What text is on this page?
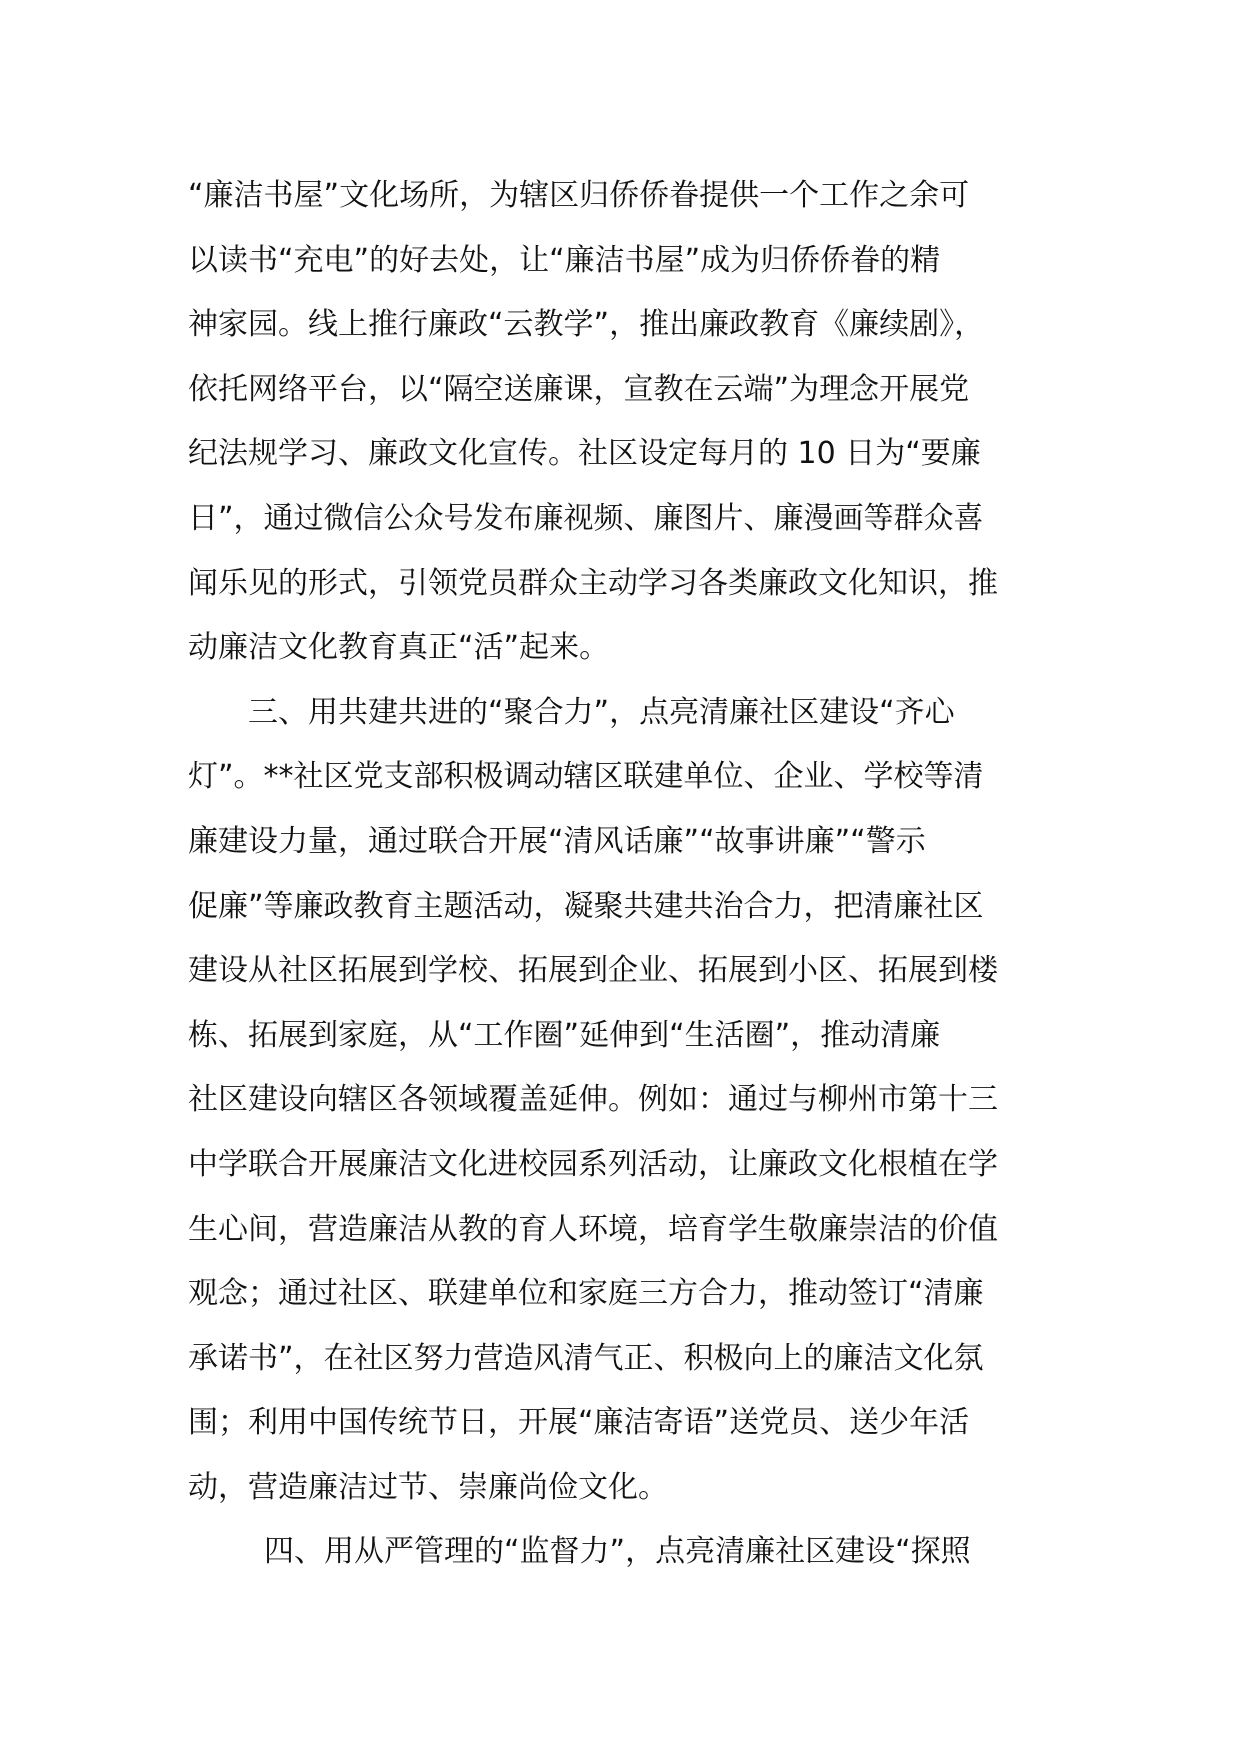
“廉洁书屋”文化场所，为辖区归侨侨眷提供一个工作之余可
以读书“充电”的好去处，让“廉洁书屋”成为归侨侨眷的精
神家园。线上推行廉政“云教学”，推出廉政教育《廉续剧》，
依托网络平台，以“隔空送廉课，宣教在云端”为理念开展党
纪法规学习、廉政文化宣传。社区设定每月的 10 日为“要廉
日”，通过微信公众号发布廉视频、廉图片、廉漫画等群众喜
闻乐见的形式，引领党员群众主动学习各类廉政文化知识，推
动廉洁文化教育真正“活”起来。
三、用共建共进的“聚合力”，点亮清廉社区建设“齐心
灯”。**社区党支部积极调动辖区联建单位、企业、学校等清
廉建设力量，通过联合开展“清风话廉”“故事讲廉”“警示
促廉”等廉政教育主题活动，凝聚共建共治合力，把清廉社区
建设从社区拓展到学校、拓展到企业、拓展到小区、拓展到楼
栋、拓展到家庭，从“工作圈”延伸到“生活圈”，推动清廉
社区建设向辖区各领域覆盖延伸。例如：通过与柳州市第十三
中学联合开展廉洁文化进校园系列活动，让廉政文化根植在学
生心间，营造廉洁从教的育人环境，培育学生敬廉崇洁的价值
观念；通过社区、联建单位和家庭三方合力，推动签订“清廉
承诺书”，在社区努力营造风清气正、积极向上的廉洁文化氛
围；利用中国传统节日，开展“廉洁寄语”送党员、送少年活
动，营造廉洁过节、崇廉尚俭文化。
四、用从严管理的“监督力”，点亮清廉社区建设“探照
